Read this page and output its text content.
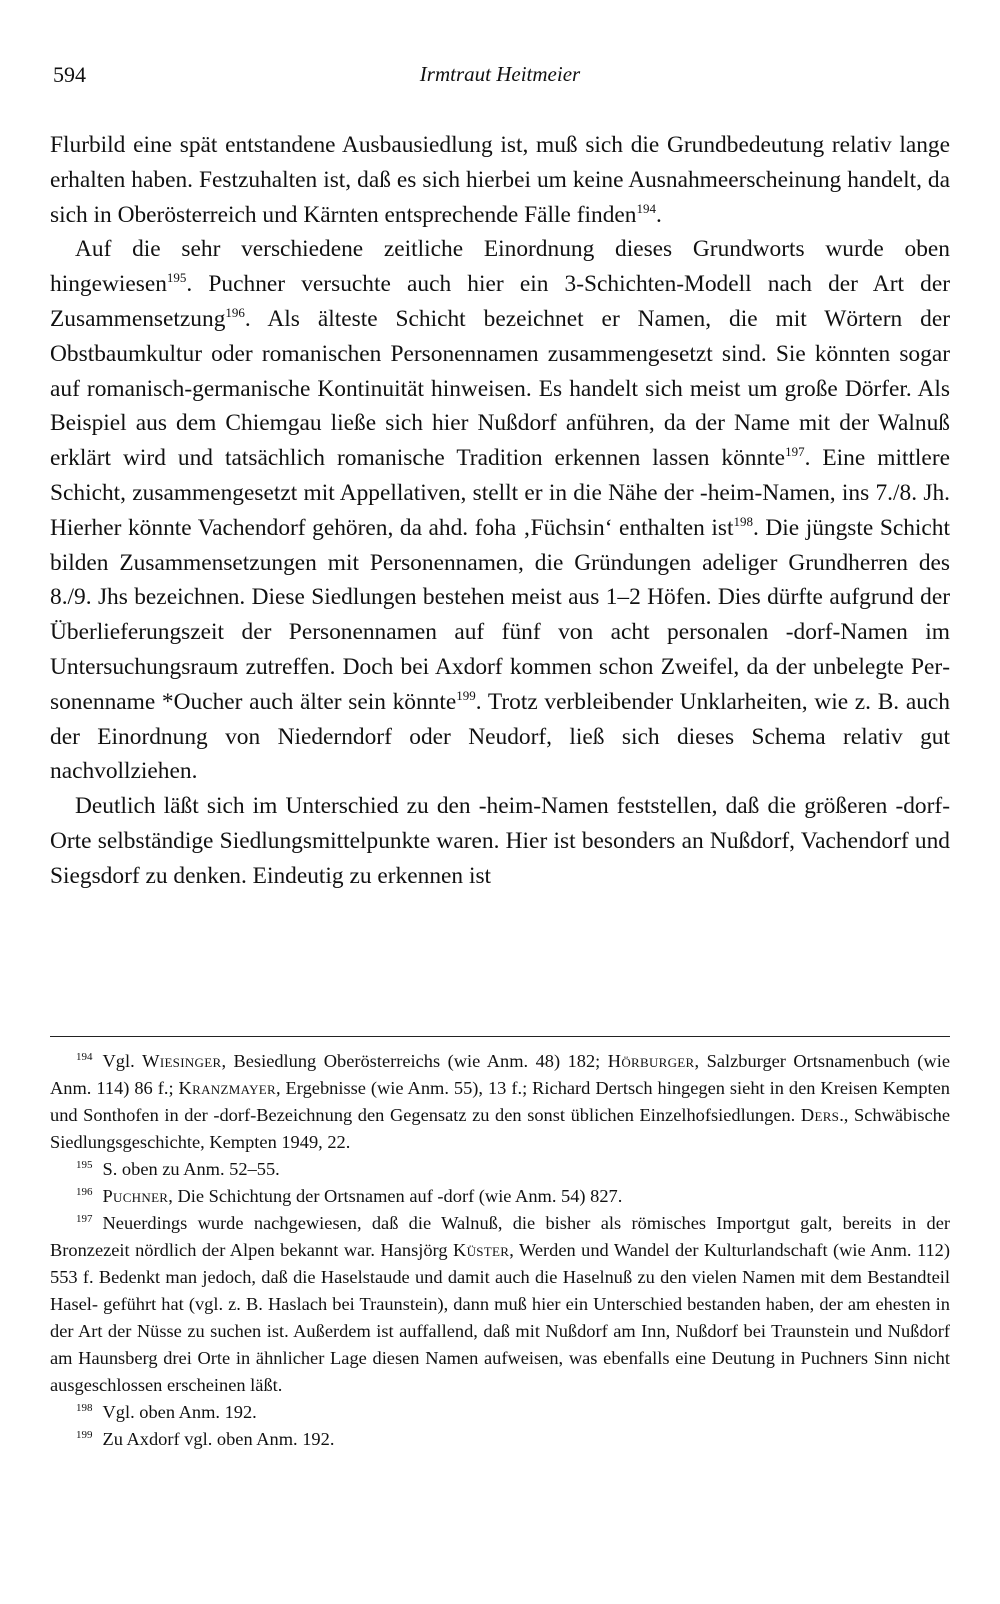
594	Irmtraut Heitmeier

Flurbild eine spät entstandene Ausbausiedlung ist, muß sich die Grundbedeutung relativ lange erhalten haben. Festzuhalten ist, daß es sich hierbei um keine Ausnahmeerscheinung handelt, da sich in Oberösterreich und Kärnten entsprechende Fälle finden$^{194}$.

Auf die sehr verschiedene zeitliche Einordnung dieses Grundworts wurde oben hingewiesen$^{195}$. Puchner versuchte auch hier ein 3-Schichten-Modell nach der Art der Zusammensetzung$^{196}$. Als älteste Schicht bezeichnet er Namen, die mit Wörtern der Obstbaumkultur oder romanischen Personennamen zusammengesetzt sind. Sie könnten sogar auf romanisch-germanische Kontinuität hinweisen. Es handelt sich meist um große Dörfer. Als Beispiel aus dem Chiemgau ließe sich hier Nußdorf anführen, da der Name mit der Walnuß erklärt wird und tatsächlich romanische Tradition erkennen lassen könnte$^{197}$. Eine mittlere Schicht, zusammengesetzt mit Appellativen, stellt er in die Nähe der -heim-Namen, ins 7./8. Jh. Hierher könnte Vachendorf gehören, da ahd. foha ‚Füchsin‘ enthalten ist$^{198}$. Die jüngste Schicht bilden Zusammensetzungen mit Personennamen, die Gründungen adeliger Grundherren des 8./9. Jhs bezeichnen. Diese Siedlungen bestehen meist aus 1–2 Höfen. Dies dürfte aufgrund der Überlieferungszeit der Personennamen auf fünf von acht personalen -dorf-Namen im Untersuchungsraum zutreffen. Doch bei Axdorf kommen schon Zweifel, da der unbelegte Personenname *Oucher auch älter sein könnte$^{199}$. Trotz verbleibender Unklarheiten, wie z. B. auch der Einordnung von Niederndorf oder Neudorf, ließ sich dieses Schema relativ gut nachvollziehen.

Deutlich läßt sich im Unterschied zu den -heim-Namen feststellen, daß die größeren -dorf-Orte selbständige Siedlungsmittelpunkte waren. Hier ist besonders an Nußdorf, Vachendorf und Siegsdorf zu denken. Eindeutig zu erkennen ist

$^{194}$ Vgl. Wiesinger, Besiedlung Oberösterreichs (wie Anm. 48) 182; Hörburger, Salzburger Ortsnamenbuch (wie Anm. 114) 86 f.; Kranzmayer, Ergebnisse (wie Anm. 55), 13 f.; Richard Dertsch hingegen sieht in den Kreisen Kempten und Sonthofen in der -dorf-Bezeichnung den Gegensatz zu den sonst üblichen Einzelhofsiedlungen. Ders., Schwäbische Siedlungsgeschichte, Kempten 1949, 22.

$^{195}$ S. oben zu Anm. 52–55.

$^{196}$ Puchner, Die Schichtung der Ortsnamen auf -dorf (wie Anm. 54) 827.

$^{197}$ Neuerdings wurde nachgewiesen, daß die Walnuß, die bisher als römisches Importgut galt, bereits in der Bronzezeit nördlich der Alpen bekannt war. Hansjörg Küster, Werden und Wandel der Kulturlandschaft (wie Anm. 112) 553 f. Bedenkt man jedoch, daß die Haselstaude und damit auch die Haselnuß zu den vielen Namen mit dem Bestandteil Hasel- geführt hat (vgl. z. B. Haslach bei Traunstein), dann muß hier ein Unterschied bestanden haben, der am ehesten in der Art der Nüsse zu suchen ist. Außerdem ist auffallend, daß mit Nußdorf am Inn, Nußdorf bei Traunstein und Nußdorf am Haunsberg drei Orte in ähnlicher Lage diesen Namen aufweisen, was ebenfalls eine Deutung in Puchners Sinn nicht ausgeschlossen erscheinen läßt.

$^{198}$ Vgl. oben Anm. 192.

$^{199}$ Zu Axdorf vgl. oben Anm. 192.
